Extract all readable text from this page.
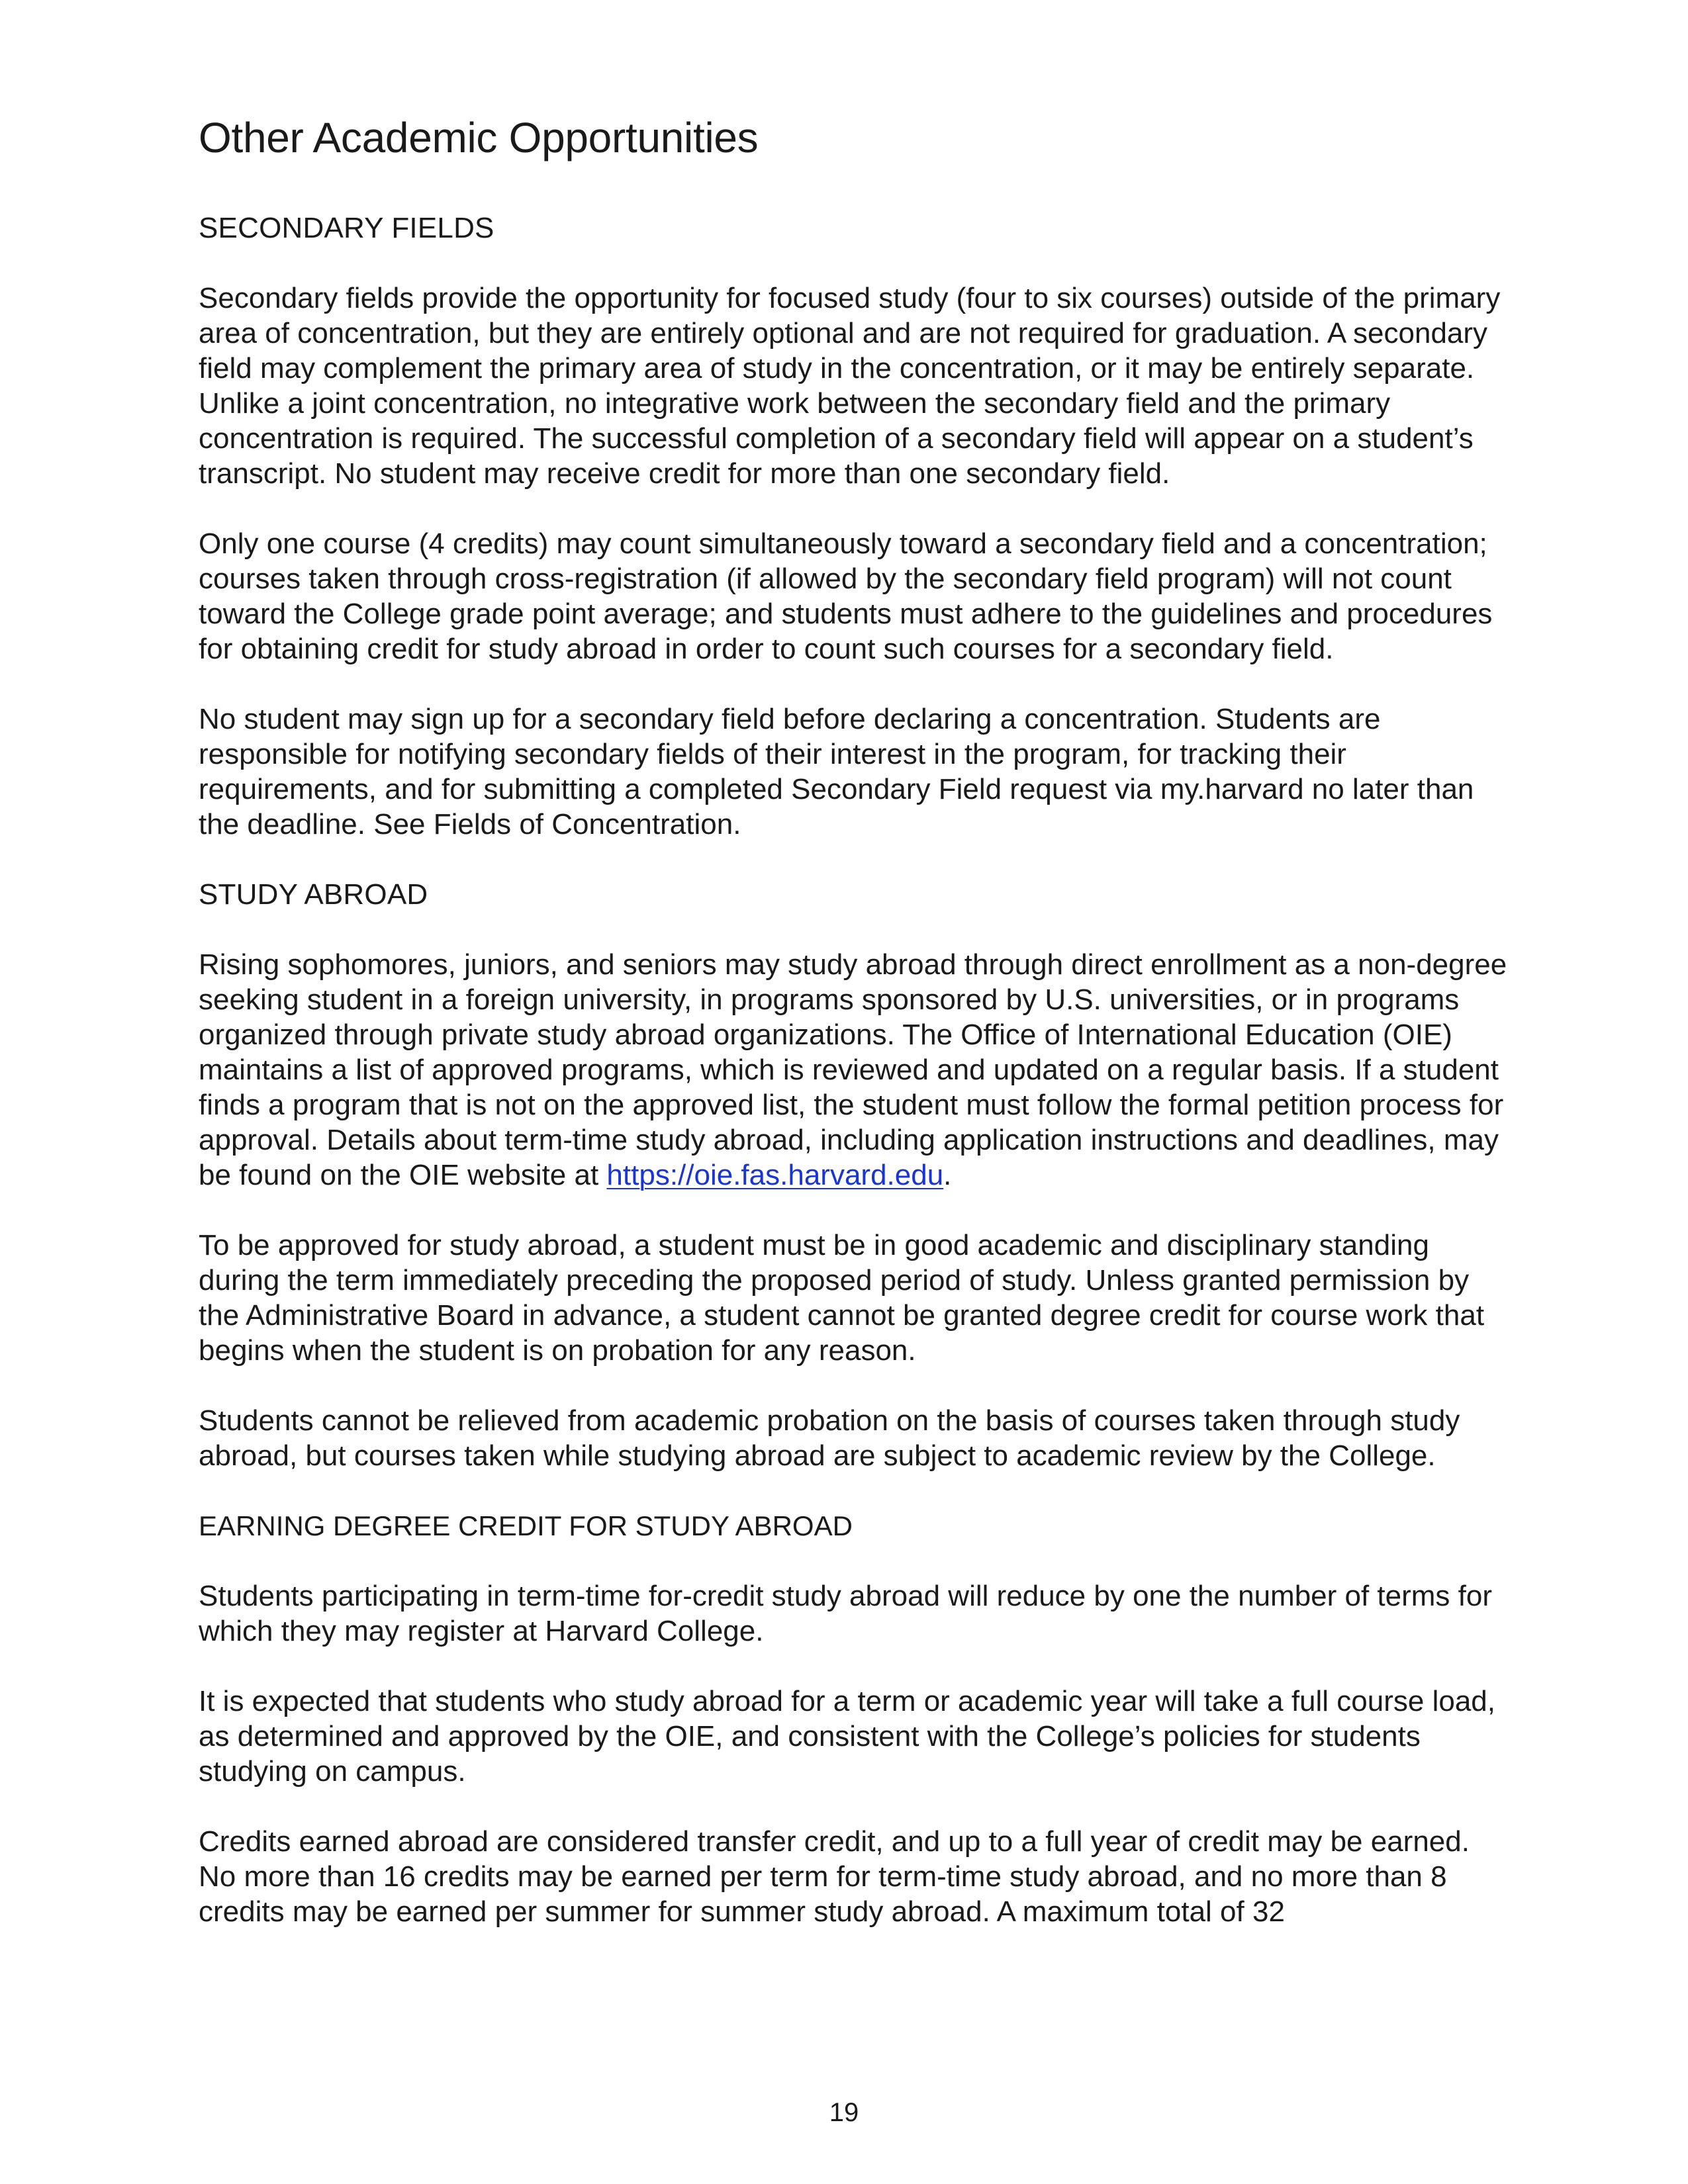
Other Academic Opportunities
SECONDARY FIELDS

Secondary fields provide the opportunity for focused study (four to six courses) outside of the primary area of concentration, but they are entirely optional and are not required for graduation. A secondary field may complement the primary area of study in the concentration, or it may be entirely separate. Unlike a joint concentration, no integrative work between the secondary field and the primary concentration is required. The successful completion of a secondary field will appear on a student’s transcript. No student may receive credit for more than one secondary field.

Only one course (4 credits) may count simultaneously toward a secondary field and a concentration; courses taken through cross-registration (if allowed by the secondary field program) will not count toward the College grade point average; and students must adhere to the guidelines and procedures for obtaining credit for study abroad in order to count such courses for a secondary field.

No student may sign up for a secondary field before declaring a concentration. Students are responsible for notifying secondary fields of their interest in the program, for tracking their requirements, and for submitting a completed Secondary Field request via my.harvard no later than the deadline. See Fields of Concentration.

STUDY ABROAD

Rising sophomores, juniors, and seniors may study abroad through direct enrollment as a non-degree seeking student in a foreign university, in programs sponsored by U.S. universities, or in programs organized through private study abroad organizations. The Office of International Education (OIE) maintains a list of approved programs, which is reviewed and updated on a regular basis. If a student finds a program that is not on the approved list, the student must follow the formal petition process for approval. Details about term-time study abroad, including application instructions and deadlines, may be found on the OIE website at https://oie.fas.harvard.edu.

To be approved for study abroad, a student must be in good academic and disciplinary standing during the term immediately preceding the proposed period of study. Unless granted permission by the Administrative Board in advance, a student cannot be granted degree credit for course work that begins when the student is on probation for any reason.

Students cannot be relieved from academic probation on the basis of courses taken through study abroad, but courses taken while studying abroad are subject to academic review by the College.

EARNING DEGREE CREDIT FOR STUDY ABROAD

Students participating in term-time for-credit study abroad will reduce by one the number of terms for which they may register at Harvard College.

It is expected that students who study abroad for a term or academic year will take a full course load, as determined and approved by the OIE, and consistent with the College’s policies for students studying on campus.

Credits earned abroad are considered transfer credit, and up to a full year of credit may be earned. No more than 16 credits may be earned per term for term-time study abroad, and no more than 8 credits may be earned per summer for summer study abroad. A maximum total of 32

19
